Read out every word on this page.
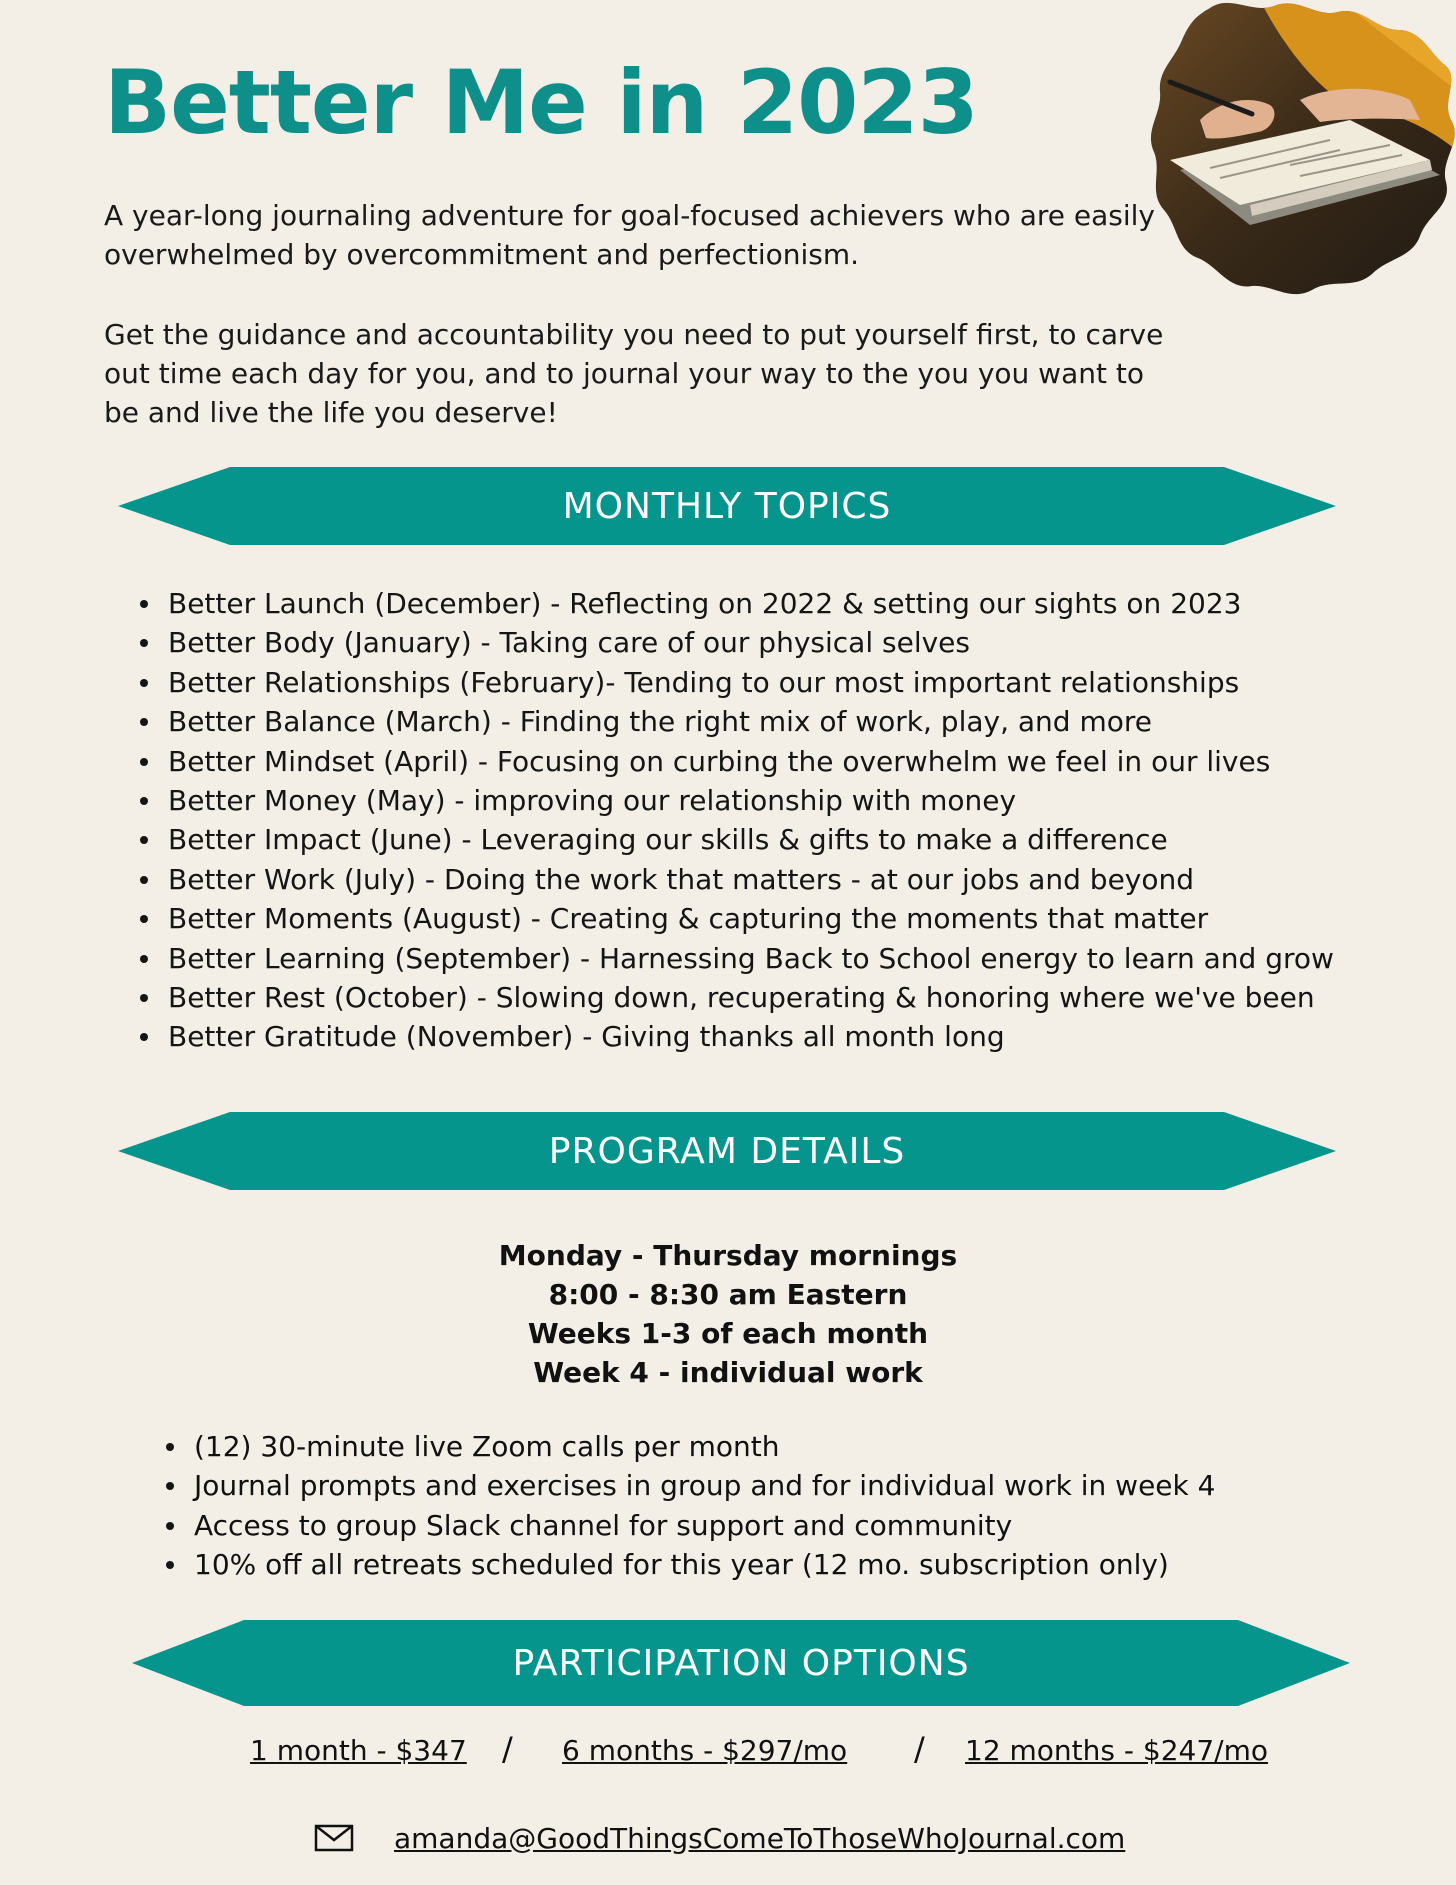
Better Me in 2023

A year-long journaling adventure for goal-focused achievers who are easily overwhelmed by overcommitment and perfectionism.

Get the guidance and accountability you need to put yourself first, to carve out time each day for you, and to journal your way to the you you want to be and live the life you deserve!

MONTHLY TOPICS
Better Launch (December) - Reflecting on 2022 & setting our sights on 2023
Better Body (January) - Taking care of our physical selves
Better Relationships (February)- Tending to our most important relationships
Better Balance (March) - Finding the right mix of work, play, and more
Better Mindset (April) - Focusing on curbing the overwhelm we feel in our lives
Better Money (May) - improving our relationship with money
Better Impact (June) - Leveraging our skills & gifts to make a difference
Better Work (July) - Doing the work that matters - at our jobs and beyond
Better Moments (August) - Creating & capturing the moments that matter
Better Learning (September) - Harnessing Back to School energy to learn and grow
Better Rest (October) - Slowing down, recuperating & honoring where we've been
Better Gratitude (November) - Giving thanks all month long
PROGRAM DETAILS
Monday - Thursday mornings
8:00 - 8:30 am Eastern
Weeks 1-3 of each month
Week 4 - individual work
(12) 30-minute live Zoom calls per month
Journal prompts and exercises in group and for individual work in week 4
Access to group Slack channel for support and community
10% off all retreats scheduled for this year (12 mo. subscription only)
PARTICIPATION OPTIONS
1 month - $347 / 6 months - $297/mo / 12 months - $247/mo
amanda@GoodThingsComeToThoseWhoJournal.com
